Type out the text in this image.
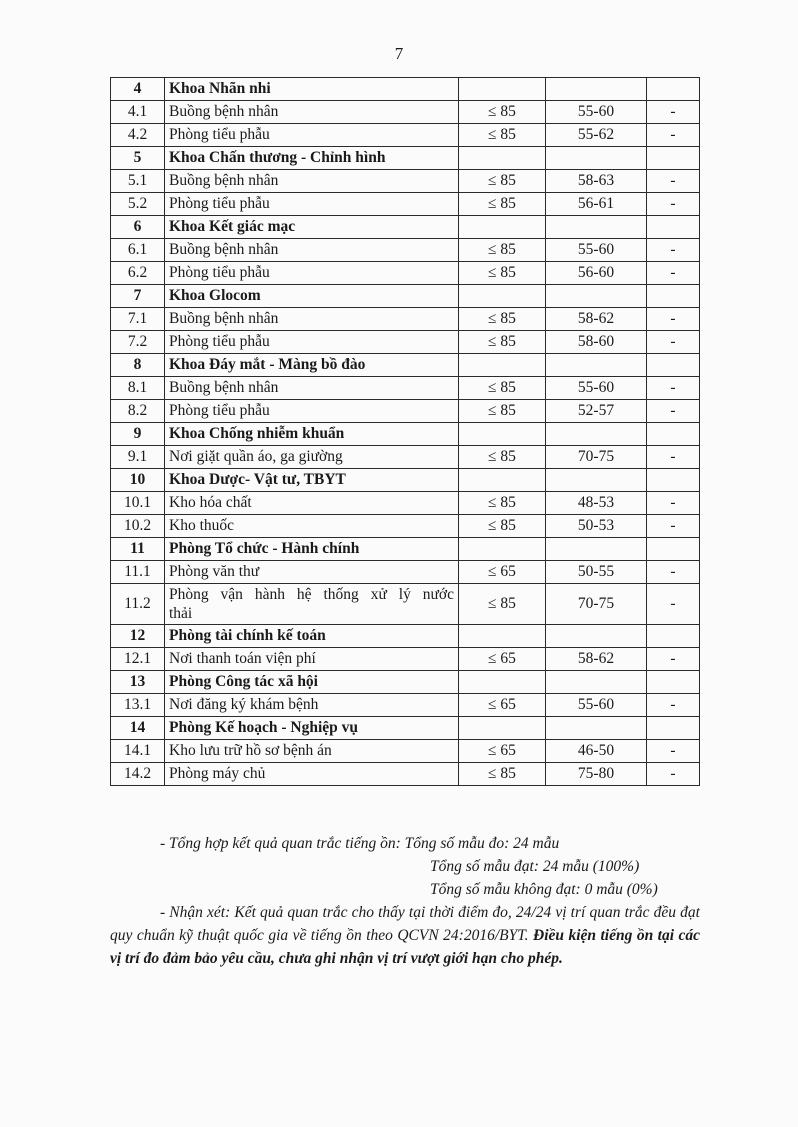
7
4	Khoa Nhãn nhi			
4.1	Buồng bệnh nhân	≤ 85	55-60	-
4.2	Phòng tiểu phẫu	≤ 85	55-62	-
5	Khoa Chấn thương - Chỉnh hình			
5.1	Buồng bệnh nhân	≤ 85	58-63	-
5.2	Phòng tiểu phẫu	≤ 85	56-61	-
6	Khoa Kết giác mạc			
6.1	Buồng bệnh nhân	≤ 85	55-60	-
6.2	Phòng tiểu phẫu	≤ 85	56-60	-
7	Khoa Glocom			
7.1	Buồng bệnh nhân	≤ 85	58-62	-
7.2	Phòng tiểu phẫu	≤ 85	58-60	-
8	Khoa Đáy mắt - Màng bồ đào			
8.1	Buồng bệnh nhân	≤ 85	55-60	-
8.2	Phòng tiểu phẫu	≤ 85	52-57	-
9	Khoa Chống nhiễm khuẩn			
9.1	Nơi giặt quần áo, ga giường	≤ 85	70-75	-
10	Khoa Dược- Vật tư, TBYT			
10.1	Kho hóa chất	≤ 85	48-53	-
10.2	Kho thuốc	≤ 85	50-53	-
11	Phòng Tổ chức - Hành chính			
11.1	Phòng văn thư	≤ 65	50-55	-
11.2	Phòng vận hành hệ thống xử lý nước
thải	≤ 85	70-75	-
12	Phòng tài chính kế toán			
12.1	Nơi thanh toán viện phí	≤ 65	58-62	-
13	Phòng Công tác xã hội			
13.1	Nơi đăng ký khám bệnh	≤ 65	55-60	-
14	Phòng Kế hoạch - Nghiệp vụ			
14.1	Kho lưu trữ hồ sơ bệnh án	≤ 65	46-50	-
14.2	Phòng máy chủ	≤ 85	75-80	-

- Tổng hợp kết quả quan trắc tiếng ồn: Tổng số mẫu đo: 24 mẫu

Tổng số mẫu đạt: 24 mẫu (100%)

Tổng số mẫu không đạt: 0 mẫu (0%)

- Nhận xét: Kết quả quan trắc cho thấy tại thời điểm đo, 24/24 vị trí quan trắc đều đạt quy chuẩn kỹ thuật quốc gia về tiếng ồn theo QCVN 24:2016/BYT. Điều kiện tiếng ồn tại các vị trí đo đảm bảo yêu cầu, chưa ghi nhận vị trí vượt giới hạn cho phép.
